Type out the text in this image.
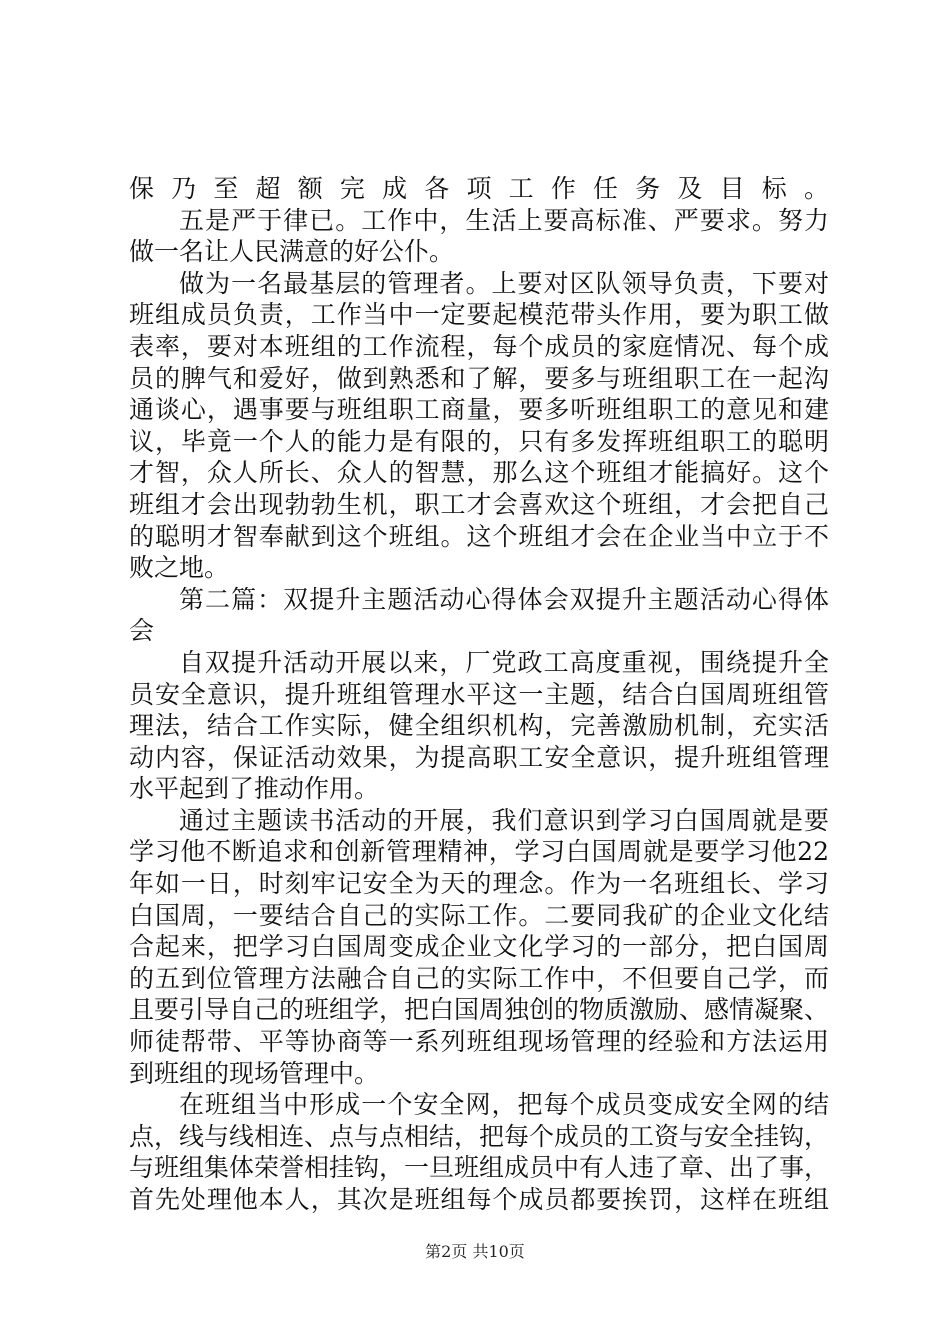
保乃至超额完成各项工作任务及目标。
五是严于律已。工作中，生活上要高标准、严要求。努力
做一名让人民满意的好公仆。
做为一名最基层的管理者。上要对区队领导负责，下要对
班组成员负责，工作当中一定要起模范带头作用，要为职工做
表率，要对本班组的工作流程，每个成员的家庭情况、每个成
员的脾气和爱好，做到熟悉和了解，要多与班组职工在一起沟
通谈心，遇事要与班组职工商量，要多听班组职工的意见和建
议，毕竟一个人的能力是有限的，只有多发挥班组职工的聪明
才智，众人所长、众人的智慧，那么这个班组才能搞好。这个
班组才会出现勃勃生机，职工才会喜欢这个班组，才会把自己
的聪明才智奉献到这个班组。这个班组才会在企业当中立于不
败之地。
第二篇：双提升主题活动心得体会双提升主题活动心得体
会
自双提升活动开展以来，厂党政工高度重视，围绕提升全
员安全意识，提升班组管理水平这一主题，结合白国周班组管
理法，结合工作实际，健全组织机构，完善激励机制，充实活
动内容，保证活动效果，为提高职工安全意识，提升班组管理
水平起到了推动作用。
通过主题读书活动的开展，我们意识到学习白国周就是要
学习他不断追求和创新管理精神，学习白国周就是要学习他22
年如一日，时刻牢记安全为天的理念。作为一名班组长、学习
白国周，一要结合自己的实际工作。二要同我矿的企业文化结
合起来，把学习白国周变成企业文化学习的一部分，把白国周
的五到位管理方法融合自己的实际工作中，不但要自己学，而
且要引导自己的班组学，把白国周独创的物质激励、感情凝聚、
师徒帮带、平等协商等一系列班组现场管理的经验和方法运用
到班组的现场管理中。
在班组当中形成一个安全网，把每个成员变成安全网的结
点，线与线相连、点与点相结，把每个成员的工资与安全挂钩，
与班组集体荣誉相挂钩，一旦班组成员中有人违了章、出了事，
首先处理他本人，其次是班组每个成员都要挨罚，这样在班组
第2页 共10页
